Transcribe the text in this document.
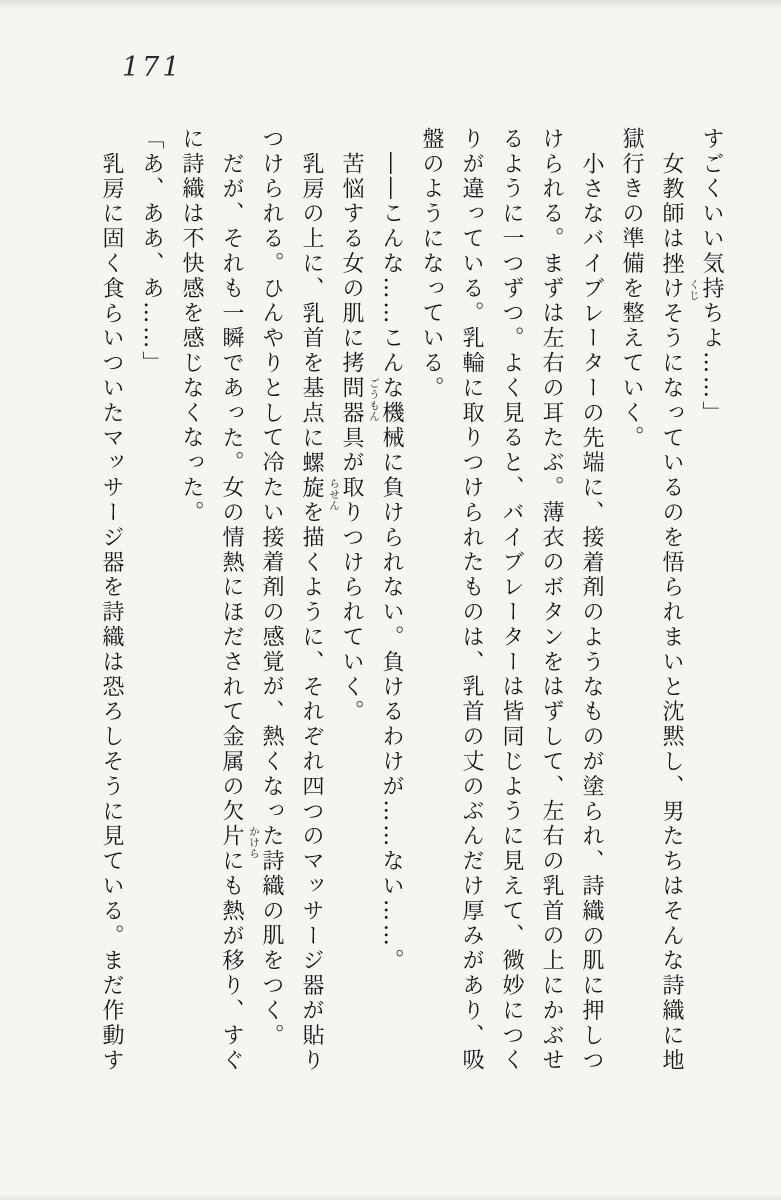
171

すごくいい気持ちよ……」

女教師は挫
くじ
けそうになっているのを悟られまいと沈黙し、男たちはそんな詩織に地獄行きの準備を整えていく。

小さなバイブレーターの先端に、接着剤のようなものが塗られ、詩織の肌に押しつけられる。まずは左右の耳たぶ。薄衣のボタンをはずして、左右の乳首の上にかぶせるように一つずつ。よく見ると、バイブレーターは皆同じように見えて、微妙につくりが違っている。乳輪に取りつけられたものは、乳首の丈のぶんだけ厚みがあり、吸盤のようになっている。

――こんな……こんな機械に負けられない。負けるわけが……ない……。

苦悩する女の肌に拷問 ごうもん
器具が取りつけられていく。

乳房の上に、乳首を基点に螺旋 らせん
を描くように、それぞれ四つのマッサージ器が貼りつけられる。ひんやりとして冷たい接着剤の感覚が、熱くなった詩織の肌をつく。

だが、それも一瞬であった。女の情熱にほだされて金属の欠片 かけら
にも熱が移り、すぐに詩織は不快感を感じなくなった。

「あ、ああ、あ……」

乳房に固く食らいついたマッサージ器を詩織は恐ろしそうに見ている。まだ作動す
